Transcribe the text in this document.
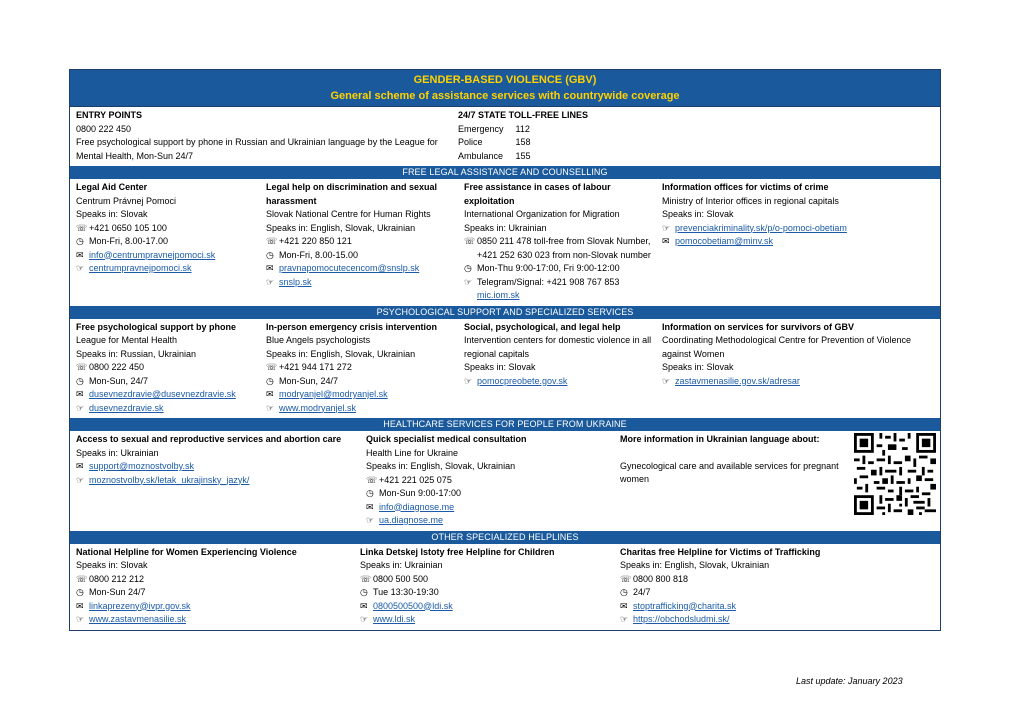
GENDER-BASED VIOLENCE (GBV)
General scheme of assistance services with countrywide coverage
ENTRY POINTS
0800 222 450
Free psychological support by phone in Russian and Ukrainian language by the League for Mental Health, Mon-Sun 24/7
24/7 STATE TOLL-FREE LINES
Emergency	112
Police	158
Ambulance	155
FREE LEGAL ASSISTANCE AND COUNSELLING
Legal Aid Center
Centrum Právnej Pomoci
Speaks in: Slovak
☏ +421 0650 105 100
◷ Mon-Fri, 8.00-17.00
✉ info@centrumpravnejpomoci.sk
☞ centrumpravnejpomoci.sk
Legal help on discrimination and sexual harassment
Slovak National Centre for Human Rights
Speaks in: English, Slovak, Ukrainian
☏ +421 220 850 121
◷ Mon-Fri, 8.00-15.00
✉ pravnapomocutecencom@snslp.sk
☞ snslp.sk
Free assistance in cases of labour exploitation
International Organization for Migration
Speaks in: Ukrainian
☏ 0850 211 478 toll-free from Slovak Number, +421 252 630 023 from non-Slovak number
◷ Mon-Thu 9:00-17:00, Fri 9:00-12:00
☞ Telegram/Signal: +421 908 767 853
mic.iom.sk
Information offices for victims of crime
Ministry of Interior offices in regional capitals
Speaks in: Slovak
☞ prevenciakriminality.sk/p/o-pomoci-obetiam
✉ pomocobetiam@minv.sk
PSYCHOLOGICAL SUPPORT AND SPECIALIZED SERVICES
Free psychological support by phone
League for Mental Health
Speaks in: Russian, Ukrainian
☏ 0800 222 450
◷ Mon-Sun, 24/7
✉ dusevnezdravie@dusevnezdravie.sk
☞ dusevnezdravie.sk
In-person emergency crisis intervention
Blue Angels psychologists
Speaks in: English, Slovak, Ukrainian
☏ +421 944 171 272
◷ Mon-Sun, 24/7
✉ modryanjel@modryanjel.sk
☞ www.modryanjel.sk
Social, psychological, and legal help
Intervention centers for domestic violence in all regional capitals
Speaks in: Slovak
☞ pomocpreobete.gov.sk
Information on services for survivors of GBV
Coordinating Methodological Centre for Prevention of Violence against Women
Speaks in: Slovak
☞ zastavmenasilie.gov.sk/adresar
HEALTHCARE SERVICES FOR PEOPLE FROM UKRAINE
Access to sexual and reproductive services and abortion care
Speaks in: Ukrainian
✉ support@moznostvolby.sk
☞ moznostvolby.sk/letak_ukrajinsky_jazyk/
Quick specialist medical consultation
Health Line for Ukraine
Speaks in: English, Slovak, Ukrainian
☏ +421 221 025 075
◷ Mon-Sun 9:00-17:00
✉ info@diagnose.me
☞ ua.diagnose.me
More information in Ukrainian language about:
Gynecological care and available services for pregnant women
OTHER SPECIALIZED HELPLINES
National Helpline for Women Experiencing Violence
Speaks in: Slovak
☏ 0800 212 212
◷ Mon-Sun 24/7
✉ linkaprezeny@ivpr.gov.sk
☞ www.zastavmenasilie.sk
Linka Detskej Istoty free Helpline for Children
Speaks in: Ukrainian
☏ 0800 500 500
◷ Tue 13:30-19:30
✉ 0800500500@ldi.sk
☞ www.ldi.sk
Charitas free Helpline for Victims of Trafficking
Speaks in: English, Slovak, Ukrainian
☏ 0800 800 818
◷ 24/7
✉ stoptrafficking@charita.sk
☞ https://obchodsludmi.sk/
Last update: January 2023
